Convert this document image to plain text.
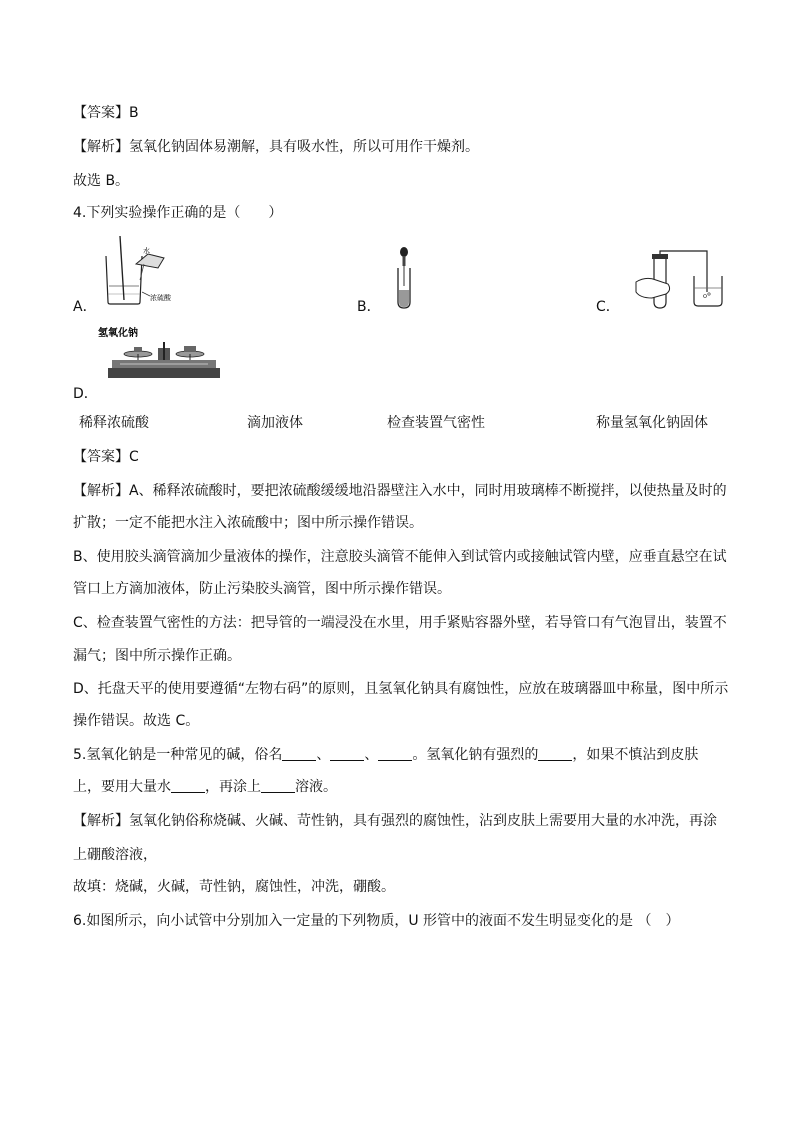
【答案】B
【解析】氢氧化钠固体易潮解，具有吸水性，所以可用作干燥剂。
故选 B。
4.下列实验操作正确的是（　　）
A．
水
浓硫酸
B．	C．
氢氧化钠
D．
稀释浓硫酸	滴加液体	检查装置气密性	称量氢氧化钠固体
【答案】C
【解析】A、稀释浓硫酸时，要把浓硫酸缓缓地沿器壁注入水中，同时用玻璃棒不断搅拌，以使热量及时的
扩散；一定不能把水注入浓硫酸中；图中所示操作错误。
B、使用胶头滴管滴加少量液体的操作，注意胶头滴管不能伸入到试管内或接触试管内壁，应垂直悬空在试
管口上方滴加液体，防止污染胶头滴管，图中所示操作错误。
C、检查装置气密性的方法：把导管的一端浸没在水里，用手紧贴容器外壁，若导管口有气泡冒出，装置不
漏气；图中所示操作正确。
D、托盘天平的使用要遵循“左物右码”的原则，且氢氧化钠具有腐蚀性，应放在玻璃器皿中称量，图中所示
操作错误。故选 C。
5.氢氧化钠是一种常见的碱，俗名 、 、 。氢氧化钠有强烈的 ，如果不慎沾到皮肤
上，要用大量水 ，再涂上 溶液。
【解析】氢氧化钠俗称烧碱、火碱、苛性钠，具有强烈的腐蚀性，沾到皮肤上需要用大量的水冲洗，再涂
上硼酸溶液，
故填：烧碱，火碱，苛性钠，腐蚀性，冲洗，硼酸。
6.如图所示，向小试管中分别加入一定量的下列物质，U 形管中的液面不发生明显变化的是 （　）
